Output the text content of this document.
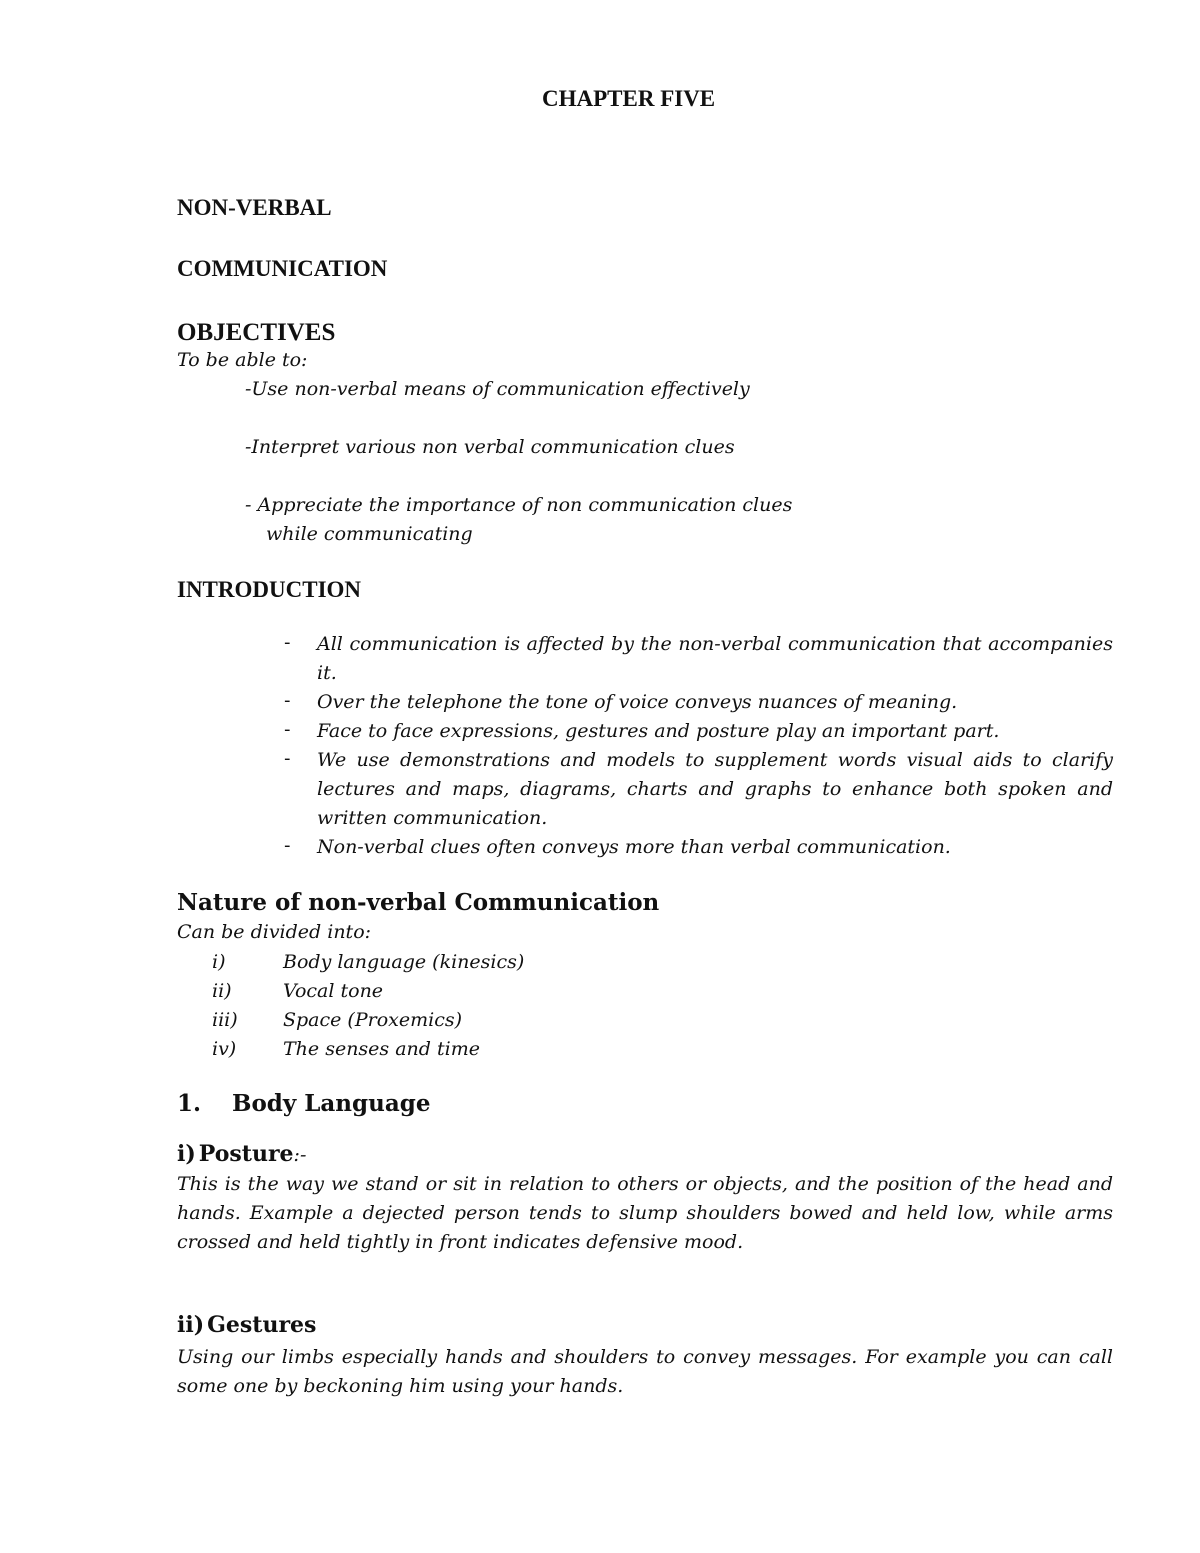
CHAPTER FIVE
NON-VERBAL
COMMUNICATION
OBJECTIVES
To be able to:
-Use non-verbal means of communication effectively
-Interpret various non verbal communication clues
- Appreciate the importance of non communication clues
while communicating
INTRODUCTION
- All communication is affected by the non-verbal communication that accompanies it.
- Over the telephone the tone of voice conveys nuances of meaning.
- Face to face expressions, gestures and posture play an important part.
- We use demonstrations and models to supplement words visual aids to clarify lectures and maps, diagrams, charts and graphs to enhance both spoken and written communication.
- Non-verbal clues often conveys more than verbal communication.
Nature of non-verbal Communication
Can be divided into:
i)	Body language (kinesics)
ii)	Vocal tone
iii) Space (Proxemics)
iv) The senses and time
1. Body Language
i) Posture:-
This is the way we stand or sit in relation to others or objects, and the position of the head and hands. Example a dejected person tends to slump shoulders bowed and held low, while arms crossed and held tightly in front indicates defensive mood.
ii) Gestures
Using our limbs especially hands and shoulders to convey messages. For example you can call some one by beckoning him using your hands.
